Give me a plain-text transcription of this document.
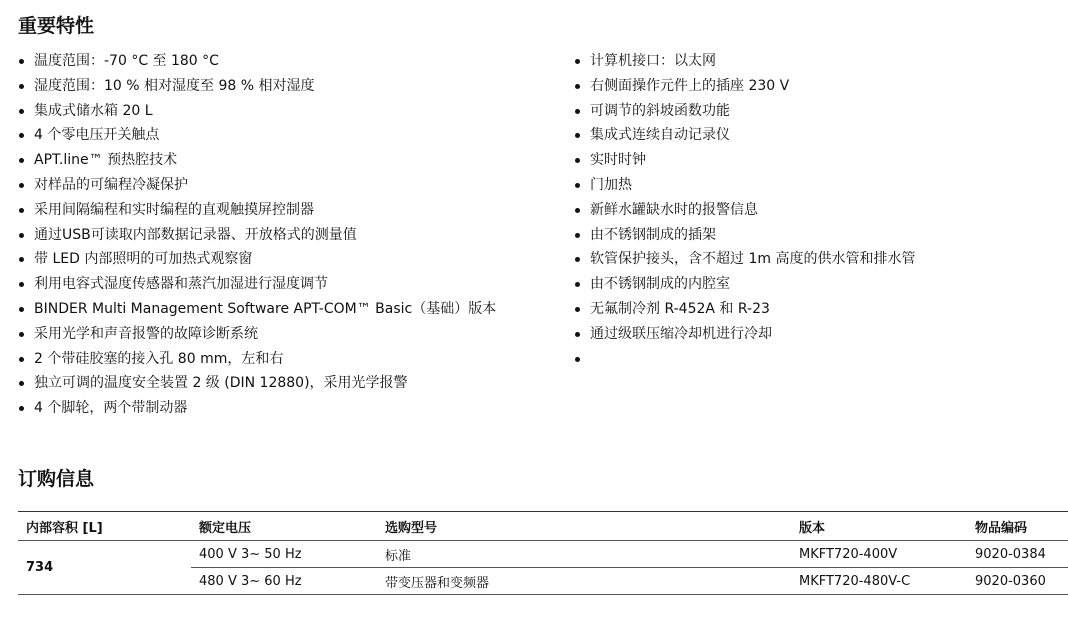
重要特性
温度范围：-70 °C 至 180 °C
湿度范围：10 % 相对湿度至 98 % 相对湿度
集成式储水箱 20 L
4 个零电压开关触点
APT.line™ 预热腔技术
对样品的可编程冷凝保护
采用间隔编程和实时编程的直观触摸屏控制器
通过USB可读取内部数据记录器、开放格式的测量值
带 LED 内部照明的可加热式观察窗
利用电容式湿度传感器和蒸汽加湿进行湿度调节
BINDER Multi Management Software APT-COM™ Basic（基础）版本
采用光学和声音报警的故障诊断系统
2 个带硅胶塞的接入孔 80 mm，左和右
独立可调的温度安全装置 2 级 (DIN 12880)，采用光学报警
4 个脚轮，两个带制动器
计算机接口：以太网
右侧面操作元件上的插座 230 V
可调节的斜坡函数功能
集成式连续自动记录仪
实时时钟
门加热
新鲜水罐缺水时的报警信息
由不锈钢制成的插架
软管保护接头，含不超过 1m 高度的供水管和排水管
由不锈钢制成的内腔室
无氟制冷剂 R-452A 和 R-23
通过级联压缩冷却机进行冷却
订购信息
内部容积 [L]	额定电压	选购型号	版本	物品编码
734	400 V 3~ 50 Hz	标准	MKFT720-400V	9020-0384
	480 V 3~ 60 Hz	带变压器和变频器	MKFT720-480V-C	9020-0360
